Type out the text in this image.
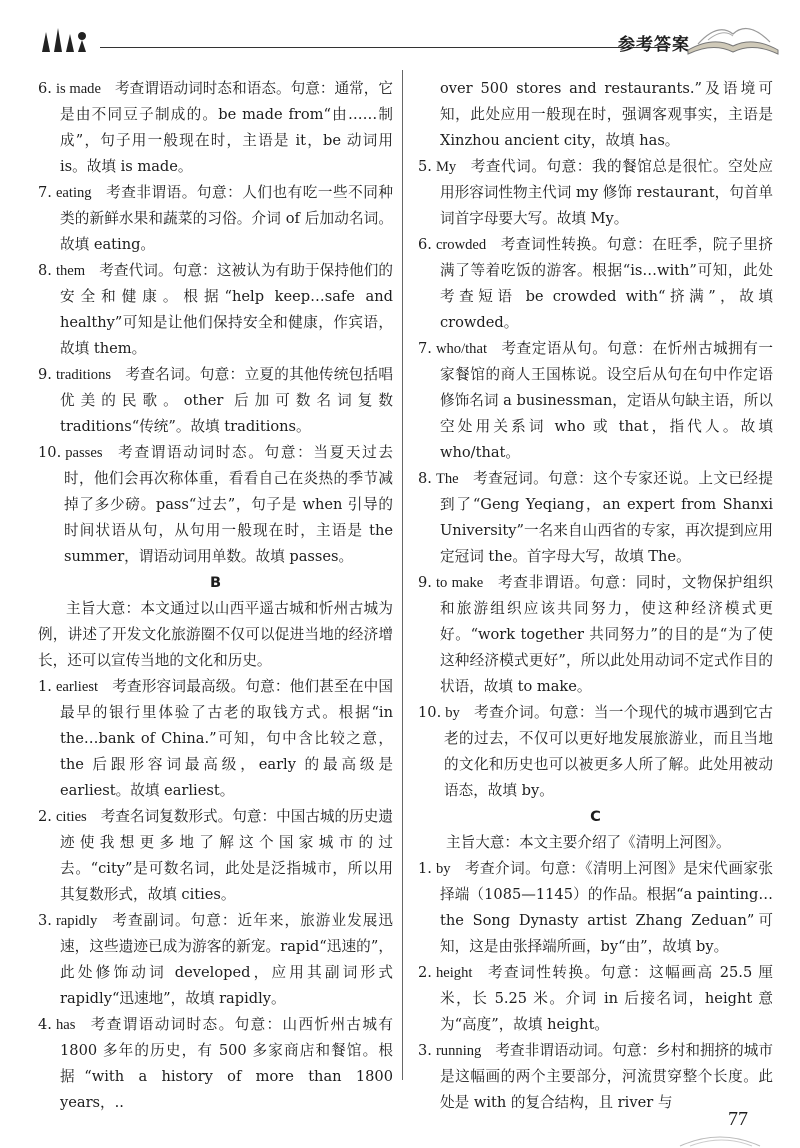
参考答案

6. is made 考查谓语动词时态和语态。句意：通常，它是由不同豆子制成的。be made from“由……制成”，句子用一般现在时，主语是 it，be 动词用 is。故填 is made。

7. eating 考查非谓语。句意：人们也有吃一些不同种类的新鲜水果和蔬菜的习俗。介词 of 后加动名词。故填 eating。

8. them 考查代词。句意：这被认为有助于保持他们的安全和健康。根据“help keep…safe and healthy”可知是让他们保持安全和健康，作宾语，故填 them。

9. traditions 考查名词。句意：立夏的其他传统包括唱优美的民歌。other 后加可数名词复数 traditions“传统”。故填 traditions。

10. passes 考查谓语动词时态。句意：当夏天过去时，他们会再次称体重，看看自己在炎热的季节减掉了多少磅。pass“过去”，句子是 when 引导的时间状语从句，从句用一般现在时，主语是 the summer，谓语动词用单数。故填 passes。

B

主旨大意：本文通过以山西平遥古城和忻州古城为例，讲述了开发文化旅游圈不仅可以促进当地的经济增长，还可以宣传当地的文化和历史。

1. earliest 考查形容词最高级。句意：他们甚至在中国最早的银行里体验了古老的取钱方式。根据“in the…bank of China.”可知，句中含比较之意，the 后跟形容词最高级，early 的最高级是 earliest。故填 earliest。

2. cities 考查名词复数形式。句意：中国古城的历史遗迹使我想更多地了解这个国家城市的过去。“city”是可数名词，此处是泛指城市，所以用其复数形式，故填 cities。

3. rapidly 考查副词。句意：近年来，旅游业发展迅速，这些遗迹已成为游客的新宠。rapid“迅速的”，此处修饰动词 developed，应用其副词形式 rapidly“迅速地”，故填 rapidly。

4. has 考查谓语动词时态。句意：山西忻州古城有 1800 多年的历史，有 500 多家商店和餐馆。根据“with a history of more than 1800 years，..

over 500 stores and restaurants.”及语境可知，此处应用一般现在时，强调客观事实，主语是 Xinzhou ancient city，故填 has。

5. My 考查代词。句意：我的餐馆总是很忙。空处应用形容词性物主代词 my 修饰 restaurant，句首单词首字母要大写。故填 My。

6. crowded 考查词性转换。句意：在旺季，院子里挤满了等着吃饭的游客。根据“is…with”可知，此处考查短语 be crowded with“挤满”，故填 crowded。

7. who/that 考查定语从句。句意：在忻州古城拥有一家餐馆的商人王国栋说。设空后从句在句中作定语修饰名词 a businessman，定语从句缺主语，所以空处用关系词 who 或 that，指代人。故填 who/that。

8. The 考查冠词。句意：这个专家还说。上文已经提到了“Geng Yeqiang，an expert from Shanxi University”一名来自山西省的专家，再次提到应用定冠词 the。首字母大写，故填 The。

9. to make 考查非谓语。句意：同时，文物保护组织和旅游组织应该共同努力，使这种经济模式更好。“work together 共同努力”的目的是“为了使这种经济模式更好”，所以此处用动词不定式作目的状语，故填 to make。

10. by 考查介词。句意：当一个现代的城市遇到它古老的过去，不仅可以更好地发展旅游业，而且当地的文化和历史也可以被更多人所了解。此处用被动语态，故填 by。

C

主旨大意：本文主要介绍了《清明上河图》。

1. by 考查介词。句意：《清明上河图》是宋代画家张择端（1085—1145）的作品。根据“a painting…the Song Dynasty artist Zhang Zeduan”可知，这是由张择端所画，by“由”，故填 by。

2. height 考查词性转换。句意：这幅画高 25.5 厘米，长 5.25 米。介词 in 后接名词，height 意为“高度”，故填 height。

3. running 考查非谓语动词。句意：乡村和拥挤的城市是这幅画的两个主要部分，河流贯穿整个长度。此处是 with 的复合结构，且 river 与

77
